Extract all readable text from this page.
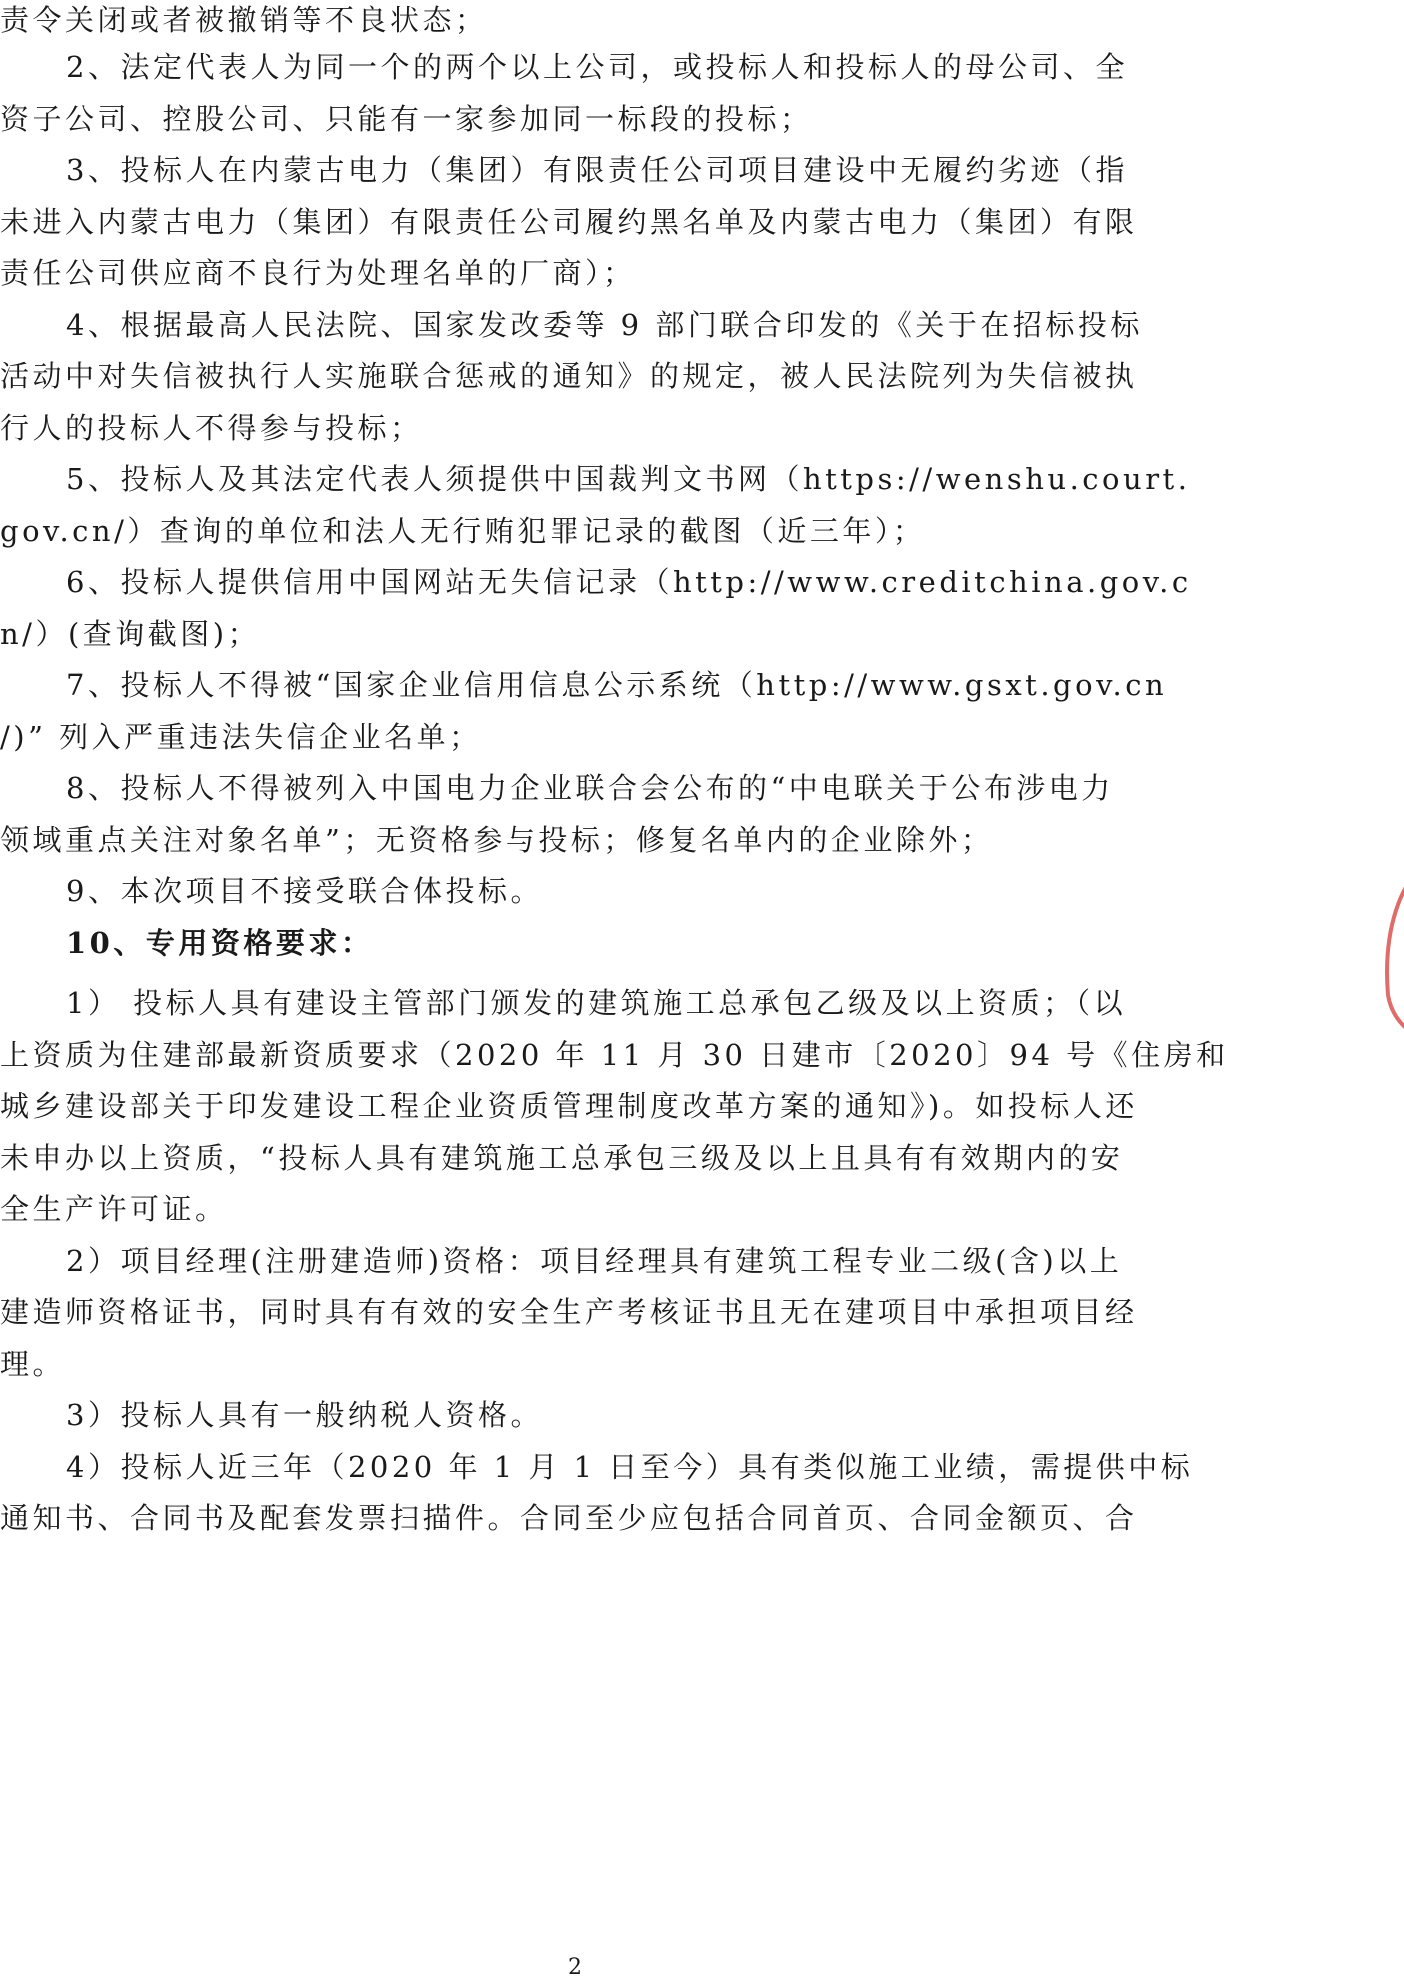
责令关闭或者被撤销等不良状态；
2、法定代表人为同一个的两个以上公司，或投标人和投标人的母公司、全
资子公司、控股公司、只能有一家参加同一标段的投标；
3、投标人在内蒙古电力（集团）有限责任公司项目建设中无履约劣迹（指
未进入内蒙古电力（集团）有限责任公司履约黑名单及内蒙古电力（集团）有限
责任公司供应商不良行为处理名单的厂商）；
4、根据最高人民法院、国家发改委等 9 部门联合印发的《关于在招标投标
活动中对失信被执行人实施联合惩戒的通知》的规定，被人民法院列为失信被执
行人的投标人不得参与投标；
5、投标人及其法定代表人须提供中国裁判文书网（https://wenshu.court.
gov.cn/）查询的单位和法人无行贿犯罪记录的截图（近三年）；
6、投标人提供信用中国网站无失信记录（http://www.creditchina.gov.c
n/）(查询截图)；
7、投标人不得被“国家企业信用信息公示系统（http://www.gsxt.gov.cn
/)” 列入严重违法失信企业名单；
8、投标人不得被列入中国电力企业联合会公布的“中电联关于公布涉电力
领域重点关注对象名单”；无资格参与投标；修复名单内的企业除外；
9、本次项目不接受联合体投标。
10、专用资格要求：
1） 投标人具有建设主管部门颁发的建筑施工总承包乙级及以上资质；（以
上资质为住建部最新资质要求（2020 年 11 月 30 日建市〔2020〕94 号《住房和
城乡建设部关于印发建设工程企业资质管理制度改革方案的通知》)。如投标人还
未申办以上资质，“投标人具有建筑施工总承包三级及以上且具有有效期内的安
全生产许可证。
2）项目经理(注册建造师)资格：项目经理具有建筑工程专业二级(含)以上
建造师资格证书，同时具有有效的安全生产考核证书且无在建项目中承担项目经
理。
3）投标人具有一般纳税人资格。
4）投标人近三年（2020 年 1 月 1 日至今）具有类似施工业绩，需提供中标
通知书、合同书及配套发票扫描件。合同至少应包括合同首页、合同金额页、合
2
